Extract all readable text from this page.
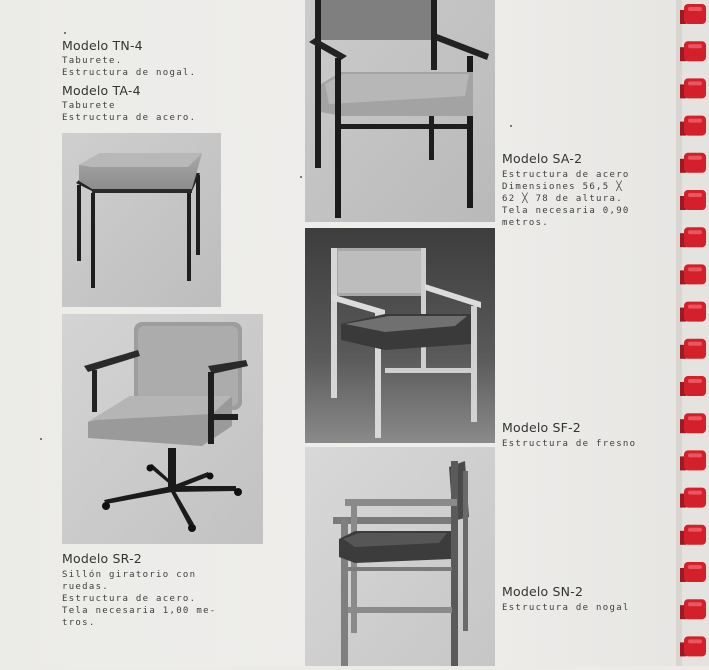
Modelo TN-4
Taburete.
Estructura de nogal.
Modelo TA-4
Taburete
Estructura de acero.
Modelo SA-2
Estructura de acero
Dimensiones 56,5 ╳
62 ╳ 78 de altura.
Tela necesaria 0,90
metros.
Modelo SF-2
Estructura de fresno
Modelo SR-2
Sillón giratorio con
ruedas.
Estructura de acero.
Tela necesaria 1,00 me-
tros.
Modelo SN-2
Estructura de nogal
